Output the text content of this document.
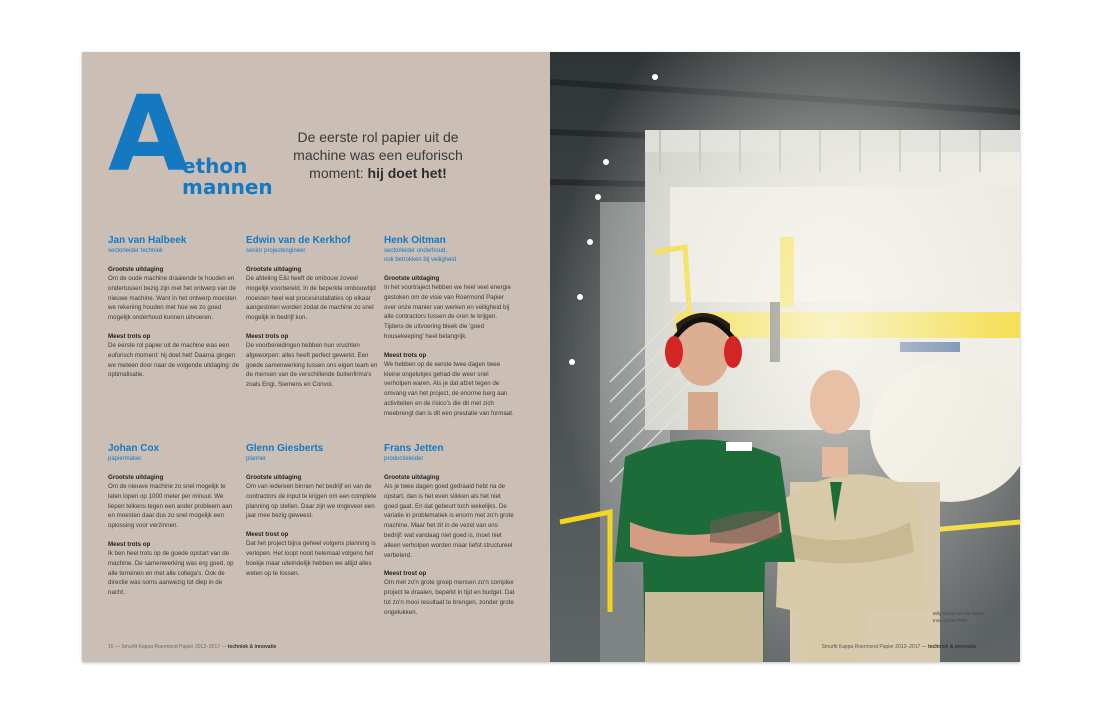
A
ethon
mannen
De eerste rol papier uit de machine was een euforisch moment: hij doet het!
Jan van Halbeek
sectorleider techniek
Grootste uitdaging
Om de oude machine draaiende te houden en ondertussen bezig zijn met het ontwerp van de nieuwe machine. Want in het ontwerp moesten we rekening houden met hoe we zo goed mogelijk onderhoud kunnen uitvoeren.
Meest trots op
De eerste rol papier uit de machine was een euforisch moment: hij doet het! Daarna gingen we meteen door naar de volgende uitdaging: de optimalisatie.
Edwin van de Kerkhof
senior projectengineer
Grootste uitdaging
De afdeling E&I heeft de ombouw zoveel mogelijk voorbereid. In de beperkte ombouwtijd moesten heel wat procesinstallaties op elkaar aangesloten worden zodat de machine zo snel mogelijk in bedrijf kon.
Meest trots op
De voorbereidingen hebben hun vruchten afgeworpen: alles heeft perfect gewerkt. Een goede samenwerking tussen ons eigen team en de mensen van de verschillende buitenfirma's zoals Engi, Siemens en Convoi.
Henk Oitman
sectorleider onderhoud,
ook betrokken bij veiligheid
Grootste uitdaging
In het voortraject hebben we heel veel energie gestoken om de visie van Roermond Papier over onze manier van werken en veiligheid bij alle contractors tussen de oren te krijgen. Tijdens de uitvoering bleek die 'goed housekeeping' heel belangrijk.
Meest trots op
We hebben op de eerste twee dagen twee kleine ongelukjes gehad die weer snel verholpen waren. Als je dat afzet tegen de omvang van het project, de enorme berg aan activiteiten en de risico's die dit met zich meebrengt dan is dit een prestatie van formaat.
Johan Cox
papiermaker
Grootste uitdaging
Om de nieuwe machine zo snel mogelijk te laten lopen op 1000 meter per minuut. We liepen telkens tegen een ander probleem aan en moesten daar dus zo snel mogelijk een oplossing voor verzinnen.
Meest trots op
Ik ben heel trots op de goede opstart van de machine. De samenwerking was erg goed, op alle terreinen en met alle collega's. Ook de directie was soms aanwezig tot diep in de nacht.
Glenn Giesberts
planner
Grootste uitdaging
Om van iedereen binnen het bedrijf en van de contractors de input te krijgen om een complete planning op stellen. Daar zijn we ongeveer een jaar mee bezig geweest.
Meest trost op
Dat het project bijna geheel volgens planning is verlopen. Het loopt nooit helemaal volgens het boekje maar uiteindelijk hebben we altijd alles weten op te lossen.
Frans Jetten
productieleider
Grootste uitdaging
Als je twee dagen goed gedraaid hebt na de opstart, dan is het even slikken als het niet goed gaat. En dat gebeurt toch wekelijks. De variatie in problematiek is enorm met zo'n grote machine. Maar het zit in de vezel van ons bedrijf: wat vandaag niet goed is, moet niet alleen verholpen worden maar liefst structureel verbeterd.
Meest trost op
Om met zo'n grote groep mensen zo'n complex project te draaien, beperkt in tijd en budget. Dat tot zo'n mooi resultaat te brengen, zonder grote ongelukken.
16 — Smurfit Kappa Roermond Papier 2012–2017 — techniek & innovatie
Billy Giesen en Jac Briels
trots op hun PM1
Smurfit Kappa Roermond Papier 2012–2017 — techniek & innovatie — 17
